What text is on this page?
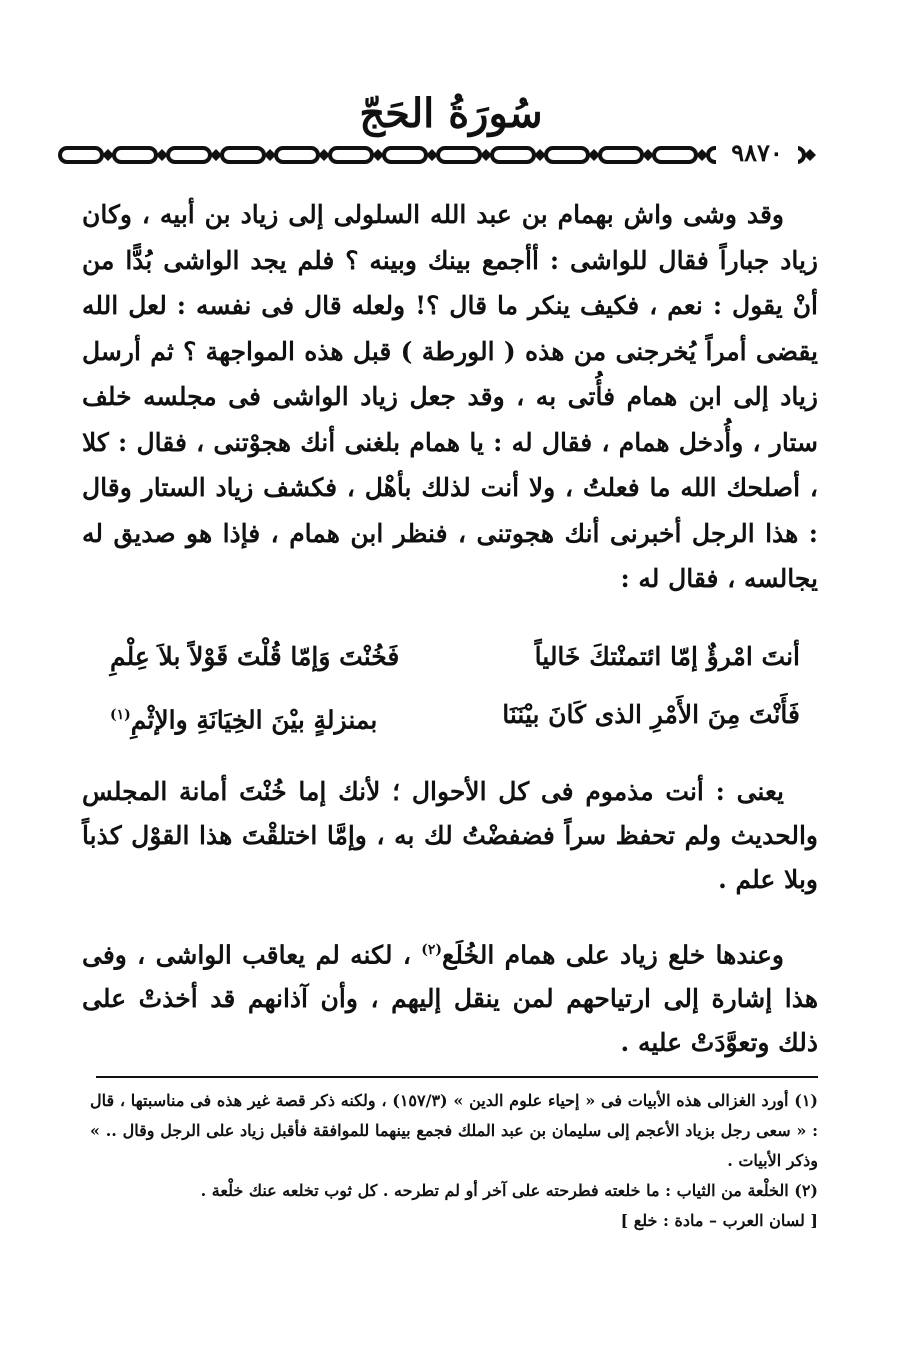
سُورَةُ الحَجّ
٩٨٧٠

وقد وشى واش بهمام بن عبد الله السلولى إلى زياد بن أبيه ، وكان زياد جباراً فقال للواشى : أأجمع بينك وبينه ؟ فلم يجد الواشى بُدًّا من أنْ يقول : نعم ، فكيف ينكر ما قال ؟! ولعله قال فى نفسه : لعل الله يقضى أمراً يُخرجنى من هذه ( الورطة ) قبل هذه المواجهة ؟ ثم أرسل زياد إلى ابن همام فأُتى به ، وقد جعل زياد الواشى فى مجلسه خلف ستار ، وأُدخل همام ، فقال له : يا همام بلغنى أنك هجوْتنى ، فقال : كلا ، أصلحك الله ما فعلتُ ، ولا أنت لذلك بأهْل ، فكشف زياد الستار وقال : هذا الرجل أخبرنى أنك هجوتنى ، فنظر ابن همام ، فإذا هو صديق له يجالسه ، فقال له :

أنتَ امْرؤٌ إمّا ائتمنْتكَ خَالياً
فَخُنْتَ وَإمّا قُلْتَ قَوْلاً بلاَ عِلْمِ
فَأَنْتَ مِنَ الأَمْرِ الذى كَانَ بيْنَنَا
بمنزلةٍ بيْنَ الخِيَانَةِ والإثْمِ$^{(١)}$

يعنى : أنت مذموم فى كل الأحوال ؛ لأنك إما خُنْتَ أمانة المجلس والحديث ولم تحفظ سراً فضفضْتُ لك به ، وإمَّا اختلقْتَ هذا القوْل كذباً وبلا علم .

وعندها خلع زياد على همام الخُلَع$^{(٢)}$ ، لكنه لم يعاقب الواشى ، وفى هذا إشارة إلى ارتياحهم لمن ينقل إليهم ، وأن آذانهم قد أخذتْ على ذلك وتعوَّدَتْ عليه .

(١) أورد الغزالى هذه الأبيات فى « إحياء علوم الدين » (١٥٧/٣) ، ولكنه ذكر قصة غير هذه فى مناسبتها ، قال : « سعى رجل بزياد الأعجم إلى سليمان بن عبد الملك فجمع بينهما للموافقة فأقبل زياد على الرجل وقال .. » وذكر الأبيات .

(٢) الخلْعة من الثياب : ما خلعته فطرحته على آخر أو لم تطرحه . كل ثوب تخلعه عنك خلْعة .

[ لسان العرب – مادة : خلع ]
